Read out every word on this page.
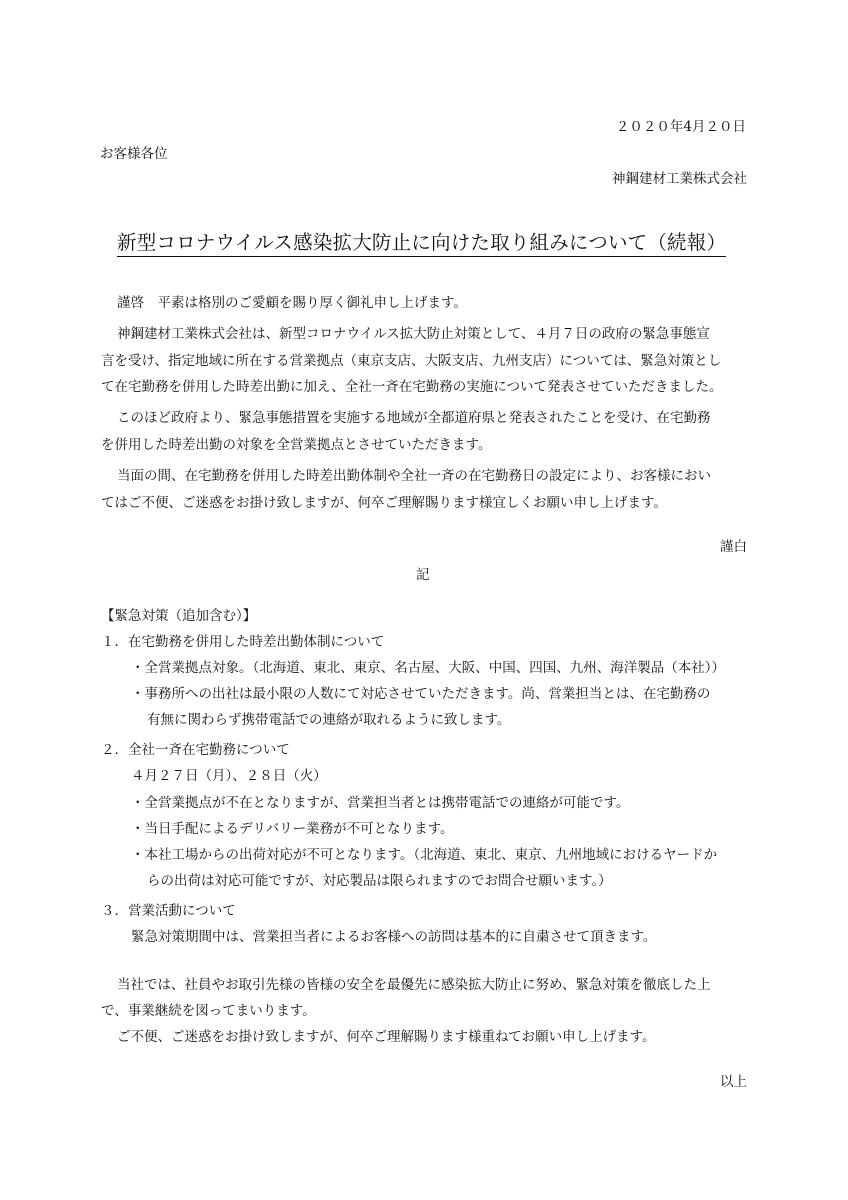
２０２０年4月２０日
お客様各位
神鋼建材工業株式会社
新型コロナウイルス感染拡大防止に向けた取り組みについて（続報）
謹啓　平素は格別のご愛顧を賜り厚く御礼申し上げます。
神鋼建材工業株式会社は、新型コロナウイルス拡大防止対策として、４月７日の政府の緊急事態宣
言を受け、指定地域に所在する営業拠点（東京支店、大阪支店、九州支店）については、緊急対策とし
て在宅勤務を併用した時差出勤に加え、全社一斉在宅勤務の実施について発表させていただきました。
このほど政府より、緊急事態措置を実施する地域が全都道府県と発表されたことを受け、在宅勤務
を併用した時差出勤の対象を全営業拠点とさせていただきます。
当面の間、在宅勤務を併用した時差出勤体制や全社一斉の在宅勤務日の設定により、お客様におい
てはご不便、ご迷惑をお掛け致しますが、何卒ご理解賜ります様宜しくお願い申し上げます。
謹白
記
【緊急対策（追加含む）】
１．在宅勤務を併用した時差出勤体制について
・全営業拠点対象。（北海道、東北、東京、名古屋、大阪、中国、四国、九州、海洋製品（本社））
・事務所への出社は最小限の人数にて対応させていただきます。尚、営業担当とは、在宅勤務の
有無に関わらず携帯電話での連絡が取れるように致します。
２．全社一斉在宅勤務について
４月２７日（月）、２８日（火）
・全営業拠点が不在となりますが、営業担当者とは携帯電話での連絡が可能です。
・当日手配によるデリバリー業務が不可となります。
・本社工場からの出荷対応が不可となります。（北海道、東北、東京、九州地域におけるヤードか
らの出荷は対応可能ですが、対応製品は限られますのでお問合せ願います。）
３．営業活動について
緊急対策期間中は、営業担当者によるお客様への訪問は基本的に自粛させて頂きます。
当社では、社員やお取引先様の皆様の安全を最優先に感染拡大防止に努め、緊急対策を徹底した上
で、事業継続を図ってまいります。
ご不便、ご迷惑をお掛け致しますが、何卒ご理解賜ります様重ねてお願い申し上げます。
以上
